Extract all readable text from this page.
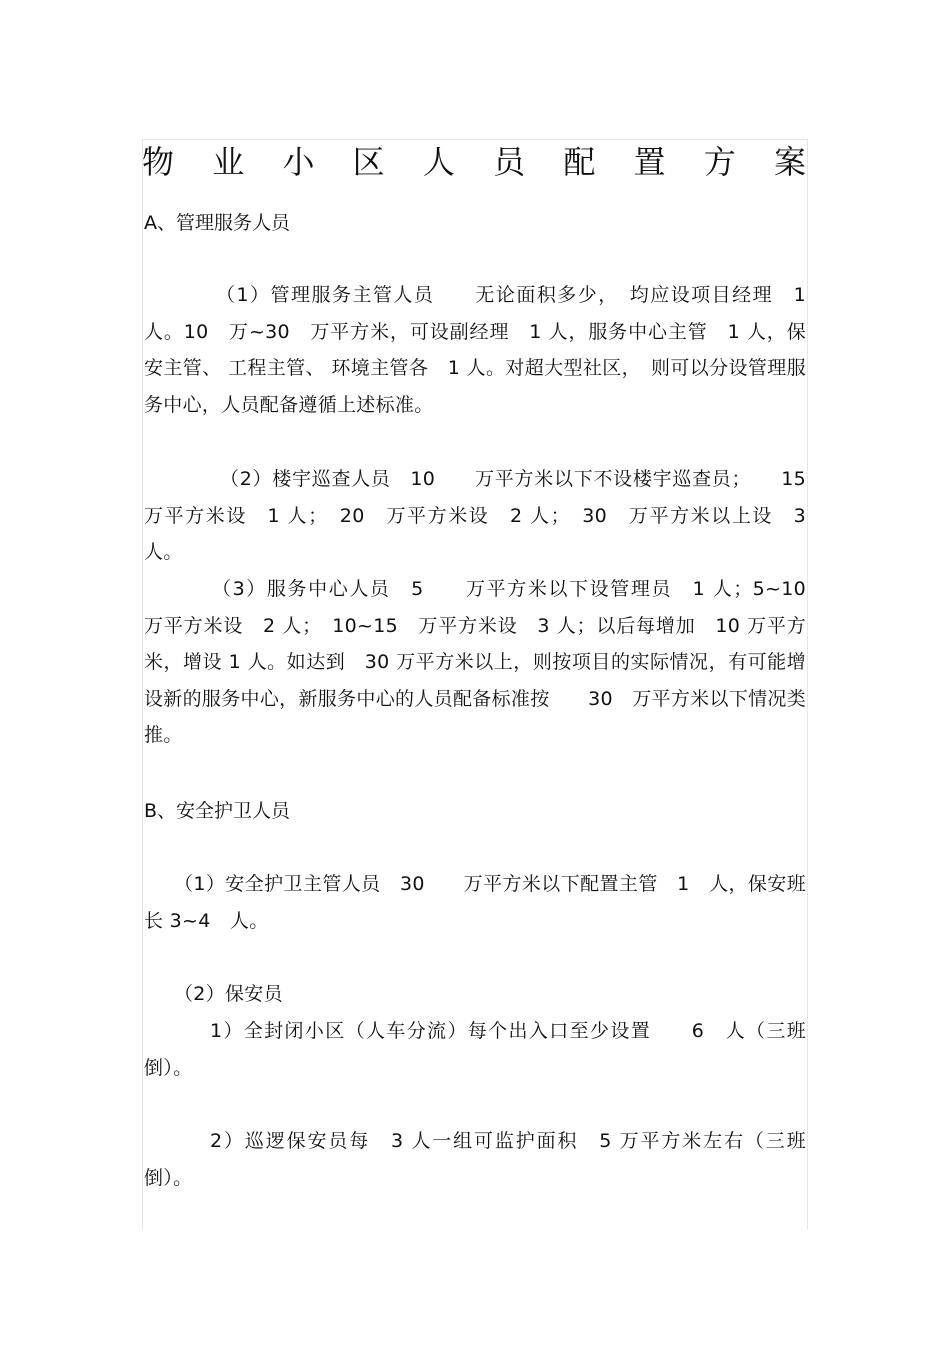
物 业 小 区 人 员 配 置 方 案
A、管理服务人员
（1）管理服务主管人员　　无论面积多少，　均应设项目经理　1 人。10　万~30　万平方米，可设副经理　1 人，服务中心主管　1 人，保安主管、 工程主管、 环境主管各　1 人。对超大型社区，　则可以分设管理服务中心，人员配备遵循上述标准。
（2）楼宇巡查人员　10　　万平方米以下不设楼宇巡查员；　　15 万平方米设　1 人；　20　万平方米设　2 人；　30　万平方米以上设　3 人。
（3）服务中心人员　5　　万平方米以下设管理员　1 人；5~10　万平方米设　2 人；　10~15　万平方米设　3 人；以后每增加　10 万平方米，增设 1 人。如达到　30 万平方米以上，则按项目的实际情况，有可能增设新的服务中心，新服务中心的人员配备标准按　　30　万平方米以下情况类推。
B、安全护卫人员
（1）安全护卫主管人员　30　　万平方米以下配置主管　1　人，保安班长 3~4　人。
（2）保安员
1）全封闭小区（人车分流）每个出入口至少设置　　6　人（三班倒）。
2）巡逻保安员每　3 人一组可监护面积　5 万平方米左右（三班倒）。
